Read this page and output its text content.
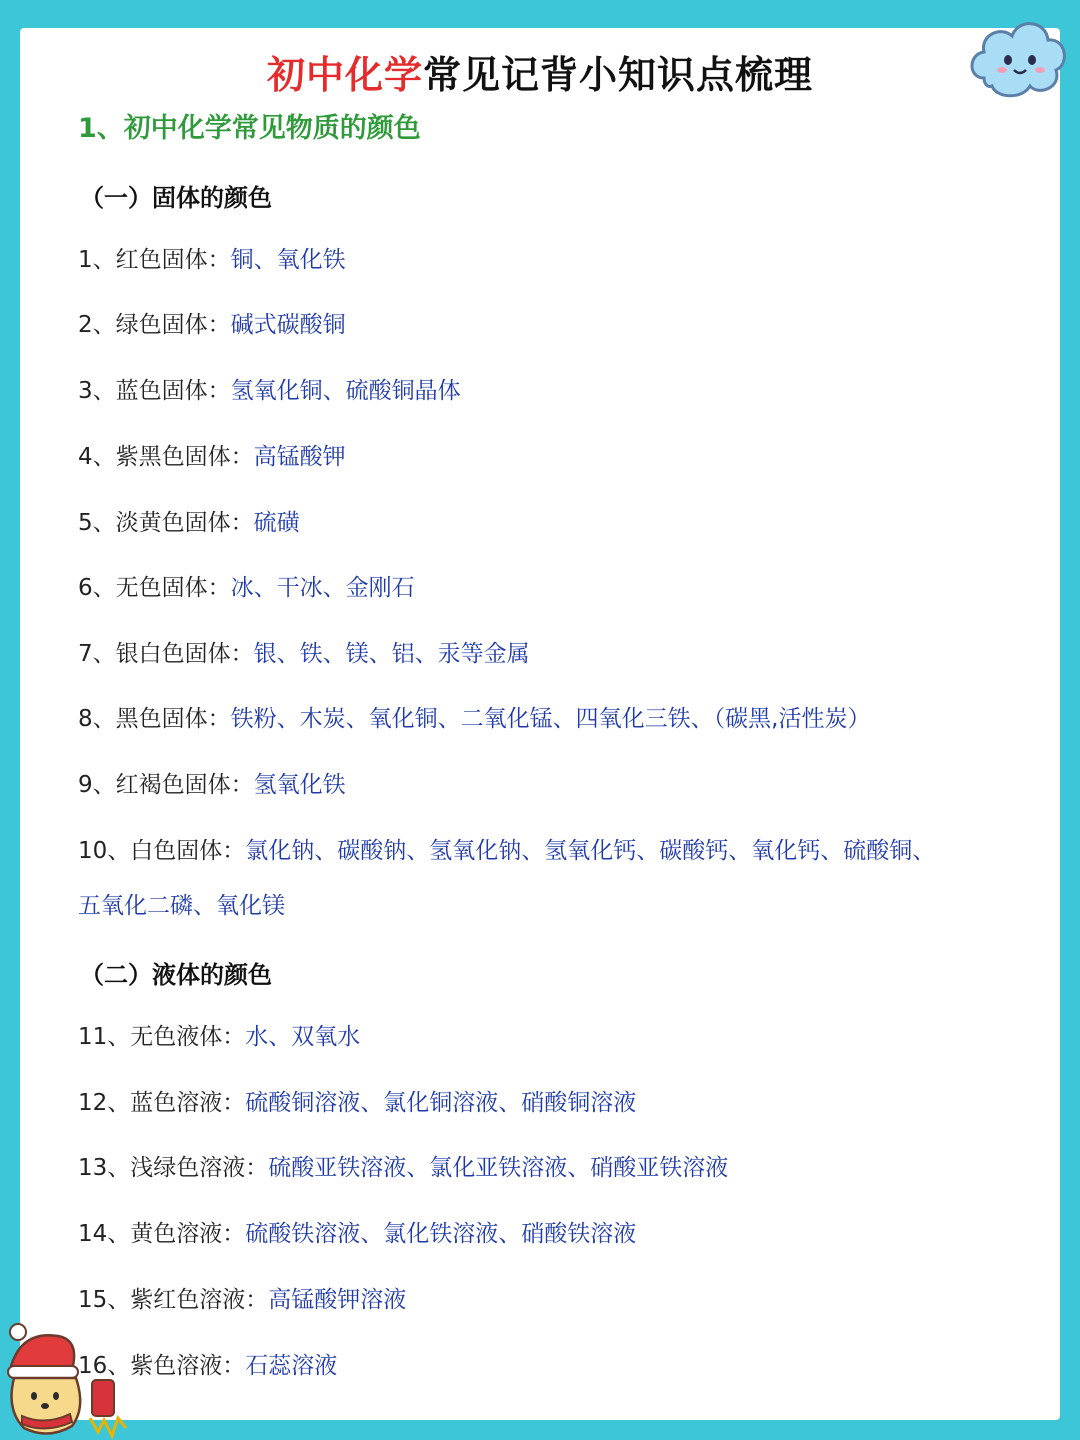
初中化学常见记背小知识点梳理
1、初中化学常见物质的颜色
（一）固体的颜色
1、红色固体：铜、氧化铁
2、绿色固体：碱式碳酸铜
3、蓝色固体：氢氧化铜、硫酸铜晶体
4、紫黑色固体：高锰酸钾
5、淡黄色固体：硫磺
6、无色固体：冰、干冰、金刚石
7、银白色固体：银、铁、镁、铝、汞等金属
8、黑色固体：铁粉、木炭、氧化铜、二氧化锰、四氧化三铁、（碳黑,活性炭）
9、红褐色固体：氢氧化铁
10、白色固体：氯化钠、碳酸钠、氢氧化钠、氢氧化钙、碳酸钙、氧化钙、硫酸铜、
五氧化二磷、氧化镁
（二）液体的颜色
11、无色液体：水、双氧水
12、蓝色溶液：硫酸铜溶液、氯化铜溶液、硝酸铜溶液
13、浅绿色溶液：硫酸亚铁溶液、氯化亚铁溶液、硝酸亚铁溶液
14、黄色溶液：硫酸铁溶液、氯化铁溶液、硝酸铁溶液
15、紫红色溶液：高锰酸钾溶液
16、紫色溶液：石蕊溶液
